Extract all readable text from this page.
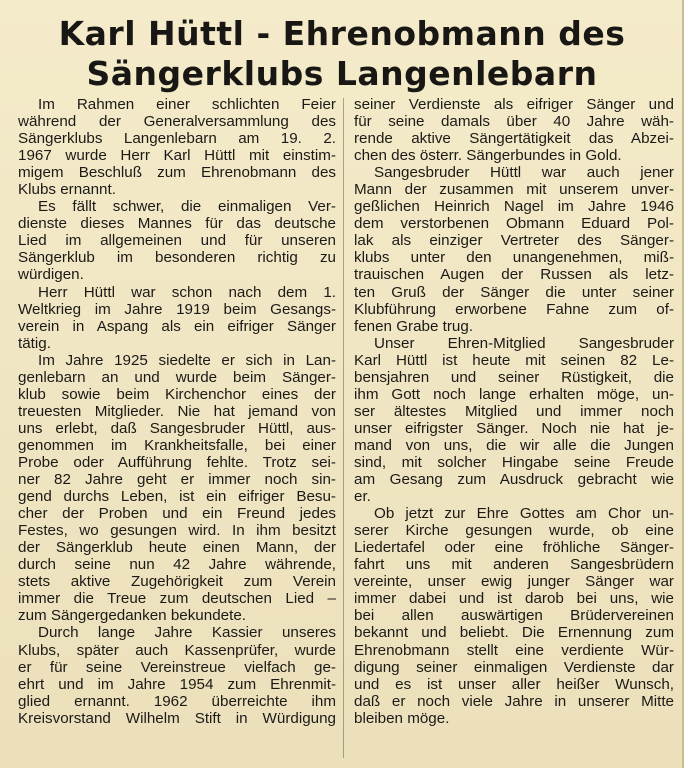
Karl Hüttl - Ehrenobmann des
Sängerklubs Langenlebarn
Im Rahmen einer schlichten Feier
während der Generalversammlung des
Sängerklubs Langenlebarn am 19. 2.
1967 wurde Herr Karl Hüttl mit einstim-
migem Beschluß zum Ehrenobmann des
Klubs ernannt.
Es fällt schwer, die einmaligen Ver-
dienste dieses Mannes für das deutsche
Lied im allgemeinen und für unseren
Sängerklub im besonderen richtig zu
würdigen.
Herr Hüttl war schon nach dem 1.
Weltkrieg im Jahre 1919 beim Gesangs-
verein in Aspang als ein eifriger Sänger
tätig.
Im Jahre 1925 siedelte er sich in Lan-
genlebarn an und wurde beim Sänger-
klub sowie beim Kirchenchor eines der
treuesten Mitglieder. Nie hat jemand von
uns erlebt, daß Sangesbruder Hüttl, aus-
genommen im Krankheitsfalle, bei einer
Probe oder Aufführung fehlte. Trotz sei-
ner 82 Jahre geht er immer noch sin-
gend durchs Leben, ist ein eifriger Besu-
cher der Proben und ein Freund jedes
Festes, wo gesungen wird. In ihm besitzt
der Sängerklub heute einen Mann, der
durch seine nun 42 Jahre währende,
stets aktive Zugehörigkeit zum Verein
immer die Treue zum deutschen Lied –
zum Sängergedanken bekundete.
Durch lange Jahre Kassier unseres
Klubs, später auch Kassenprüfer, wurde
er für seine Vereinstreue vielfach ge-
ehrt und im Jahre 1954 zum Ehrenmit-
glied ernannt. 1962 überreichte ihm
Kreisvorstand Wilhelm Stift in Würdigung
seiner Verdienste als eifriger Sänger und
für seine damals über 40 Jahre wäh-
rende aktive Sängertätigkeit das Abzei-
chen des österr. Sängerbundes in Gold.
Sangesbruder Hüttl war auch jener
Mann der zusammen mit unserem unver-
geßlichen Heinrich Nagel im Jahre 1946
dem verstorbenen Obmann Eduard Pol-
lak als einziger Vertreter des Sänger-
klubs unter den unangenehmen, miß-
trauischen Augen der Russen als letz-
ten Gruß der Sänger die unter seiner
Klubführung erworbene Fahne zum of-
fenen Grabe trug.
Unser Ehren-Mitglied Sangesbruder
Karl Hüttl ist heute mit seinen 82 Le-
bensjahren und seiner Rüstigkeit, die
ihm Gott noch lange erhalten möge, un-
ser ältestes Mitglied und immer noch
unser eifrigster Sänger. Noch nie hat je-
mand von uns, die wir alle die Jungen
sind, mit solcher Hingabe seine Freude
am Gesang zum Ausdruck gebracht wie
er.
Ob jetzt zur Ehre Gottes am Chor un-
serer Kirche gesungen wurde, ob eine
Liedertafel oder eine fröhliche Sänger-
fahrt uns mit anderen Sangesbrüdern
vereinte, unser ewig junger Sänger war
immer dabei und ist darob bei uns, wie
bei allen auswärtigen Brüdervereinen
bekannt und beliebt. Die Ernennung zum
Ehrenobmann stellt eine verdiente Wür-
digung seiner einmaligen Verdienste dar
und es ist unser aller heißer Wunsch,
daß er noch viele Jahre in unserer Mitte
bleiben möge.
